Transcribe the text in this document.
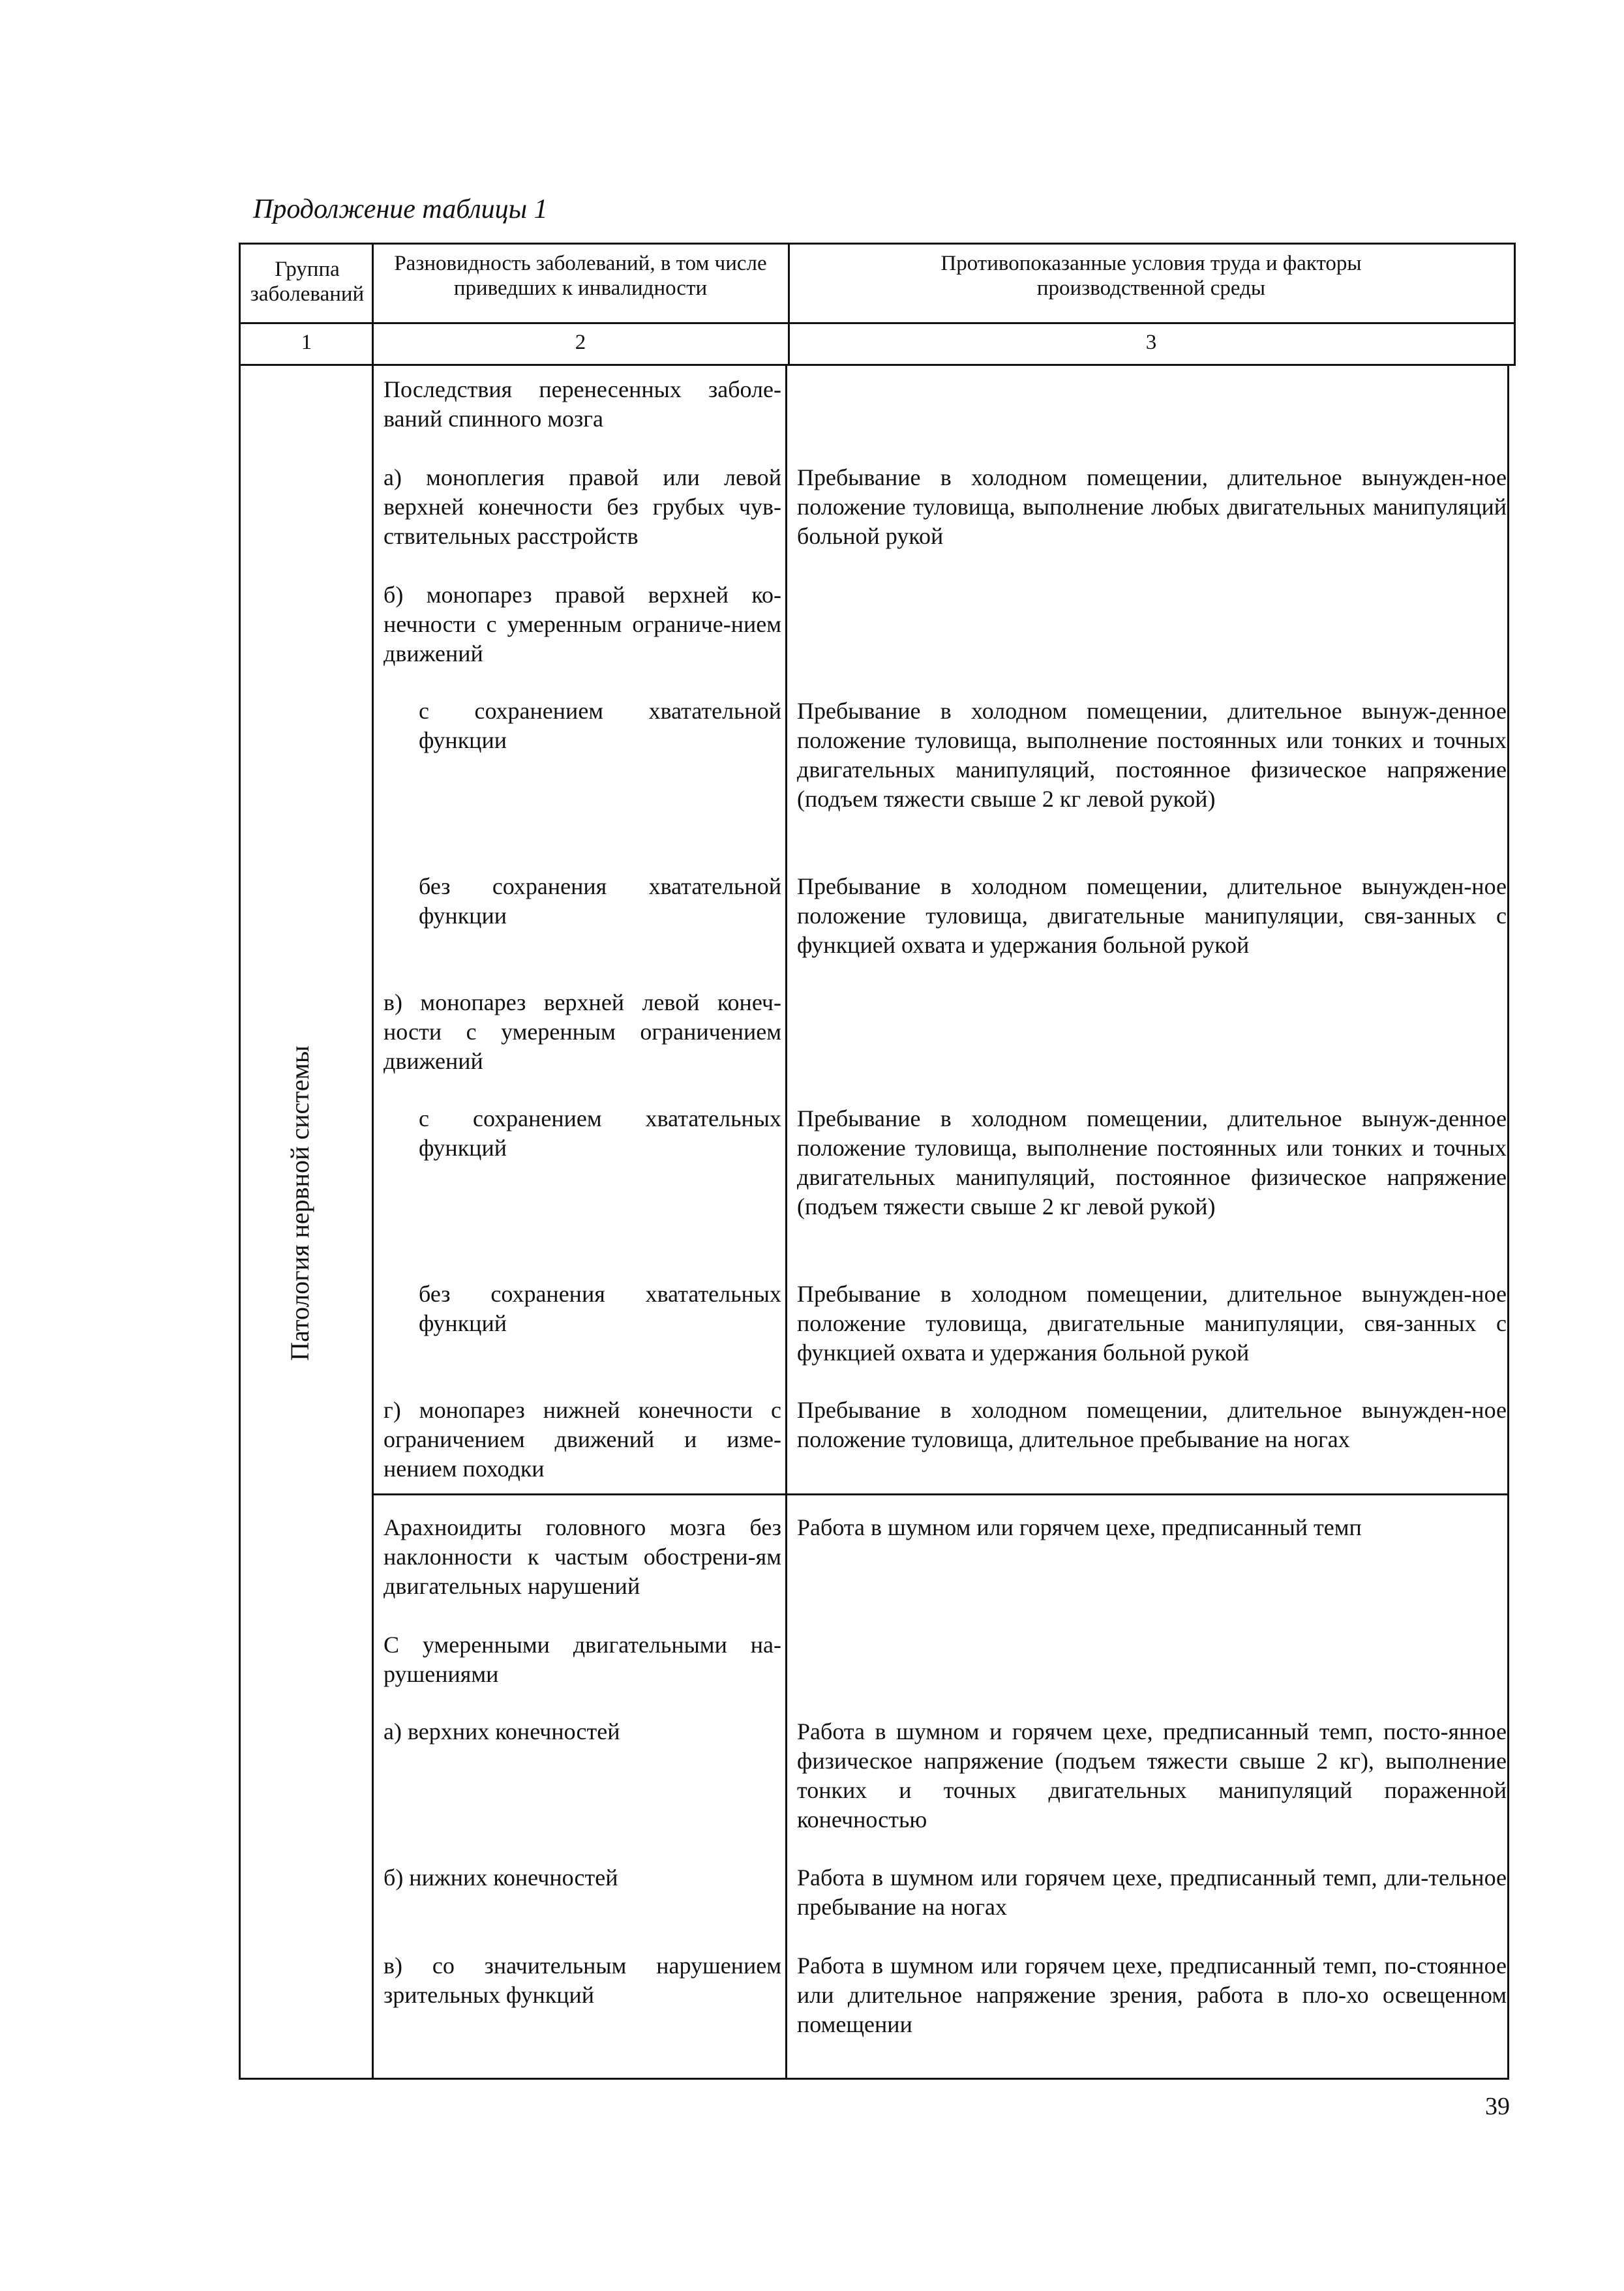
Продолжение таблицы 1
Группа заболеваний
Разновидность заболеваний, в том числе приведших к инвалидности
Противопоказанные условия труда и факторы производственной среды
1	2	3
Патология нервной системы
Последствия перенесенных заболе-ваний спинного мозга
а) моноплегия правой или левой верхней конечности без грубых чув-ствительных расстройств
б) монопарез правой верхней ко-нечности с умеренным ограниче-нием движений
с сохранением хватательной функции
без сохранения хватательной функции
в) монопарез верхней левой конеч-ности с умеренным ограничением движений
с сохранением хватательных функций
без сохранения хватательных функций
г) монопарез нижней конечности с ограничением движений и изме-нением походки
Арахноидиты головного мозга без наклонности к частым обострени-ям двигательных нарушений
С умеренными двигательными на-рушениями
а) верхних конечностей
б) нижних конечностей
в) со значительным нарушением зрительных функций
Пребывание в холодном помещении, длительное вынужден-ное положение туловища, выполнение любых двигательных манипуляций больной рукой
Пребывание в холодном помещении, длительное вынуж-денное положение туловища, выполнение постоянных или тонких и точных двигательных манипуляций, постоянное физическое напряжение (подъем тяжести свыше 2 кг левой рукой)
Пребывание в холодном помещении, длительное вынужден-ное положение туловища, двигательные манипуляции, свя-занных с функцией охвата и удержания больной рукой
Пребывание в холодном помещении, длительное вынуж-денное положение туловища, выполнение постоянных или тонких и точных двигательных манипуляций, постоянное физическое напряжение (подъем тяжести свыше 2 кг левой рукой)
Пребывание в холодном помещении, длительное вынужден-ное положение туловища, двигательные манипуляции, свя-занных с функцией охвата и удержания больной рукой
Пребывание в холодном помещении, длительное вынужден-ное положение туловища, длительное пребывание на ногах
Работа в шумном или горячем цехе, предписанный темп
Работа в шумном и горячем цехе, предписанный темп, посто-янное физическое напряжение (подъем тяжести свыше 2 кг), выполнение тонких и точных двигательных манипуляций пораженной конечностью
Работа в шумном или горячем цехе, предписанный темп, дли-тельное пребывание на ногах
Работа в шумном или горячем цехе, предписанный темп, по-стоянное или длительное напряжение зрения, работа в пло-хо освещенном помещении
39
